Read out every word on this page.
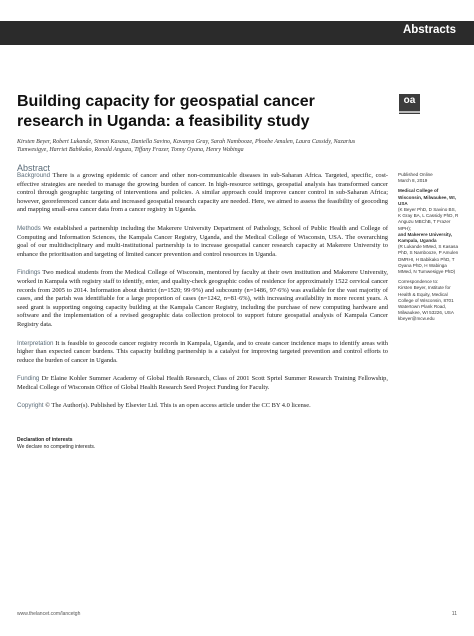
Abstracts
Building capacity for geospatial cancer research in Uganda: a feasibility study
oa
Kirsten Beyer, Robert Lukande, Simon Kasasa, Daniella Savino, Kavanya Gray, Sarah Nambooze, Phoebe Amulen, Laura Cassidy, Nazarius Tumwesigye, Harriet Babikako, Ronald Anguzu, Tiffany Frazer, Tonny Oyana, Henry Wabinga
Abstract

Background There is a growing epidemic of cancer and other non-communicable diseases in sub-Saharan Africa. Targeted, specific, cost-effective strategies are needed to manage the growing burden of cancer. In high-resource settings, geospatial analysis has transformed cancer control through geographic targeting of interventions and policies. A similar approach could improve cancer control in sub-Saharan Africa; however, georeferenced cancer data and increased geospatial research capacity are needed. Here, we aimed to assess the feasibility of geocoding and mapping small-area cancer data from a cancer registry in Uganda.

Methods We established a partnership including the Makerere University Department of Pathology, School of Public Health and College of Computing and Information Sciences, the Kampala Cancer Registry, Uganda, and the Medical College of Wisconsin, USA. The overarching goal of our multidisciplinary and multi-institutional partnership is to increase geospatial cancer research capacity at Makerere University to enhance the prioritisation and targeting of limited cancer prevention and control resources in Uganda.

Findings Two medical students from the Medical College of Wisconsin, mentored by faculty at their own institution and Makerere University, worked in Kampala with registry staff to identify, enter, and quality-check geographic codes of residence for approximately 1522 cervical cancer records from 2005 to 2014. Information about district (n=1520; 99·9%) and subcounty (n=1486, 97·6%) was available for the vast majority of cases, and the parish was identifiable for a large proportion of cases (n=1242, n=81·6%), with increasing availability in more recent years. A seed grant is supporting ongoing capacity building at the Kampala Cancer Registry, including the purchase of new computing hardware and software and the implementation of a revised geographic data collection protocol to support future geospatial analysis of Kampala Cancer Registry data.

Interpretation It is feasible to geocode cancer registry records in Kampala, Uganda, and to create cancer incidence maps to identify areas with higher than expected cancer burdens. This capacity building partnership is a catalyst for improving targeted prevention and control efforts to reduce the burden of cancer in Uganda.

Funding Dr Elaine Kohler Summer Academy of Global Health Research, Class of 2001 Scott Sprtel Summer Research Training Fellowship, Medical College of Wisconsin Office of Global Health Research Seed Project Funding for Faculty.

Copyright © The Author(s). Published by Elsevier Ltd. This is an open access article under the CC BY 4.0 license.

Declaration of interests
We declare no competing interests.
Published Online
March 8, 2019
Medical College of Wisconsin, Milwaukee, WI, USA
(K Beyer PhD, D Savino BS, K Gray BA, L Cassidy PhD, R Anguzu MBChB, T Frazer MPH);
and Makerere University, Kampala, Uganda
(R Lukande MMed, S Kasasa PhD, S Nambooze, P Amulen DMRHI, H Babikako PhD, T Oyana PhD, H Wabinga MMed, N Tumwesigye PhD)
Correspondence to:
Kirsten Beyer, Institute for Health & Equity, Medical College of Wisconsin, 8701 Watertown Plank Road, Milwaukee, WI 53226, USA
kbeyer@mcw.edu
www.thelancet.com/lancetgh	11
